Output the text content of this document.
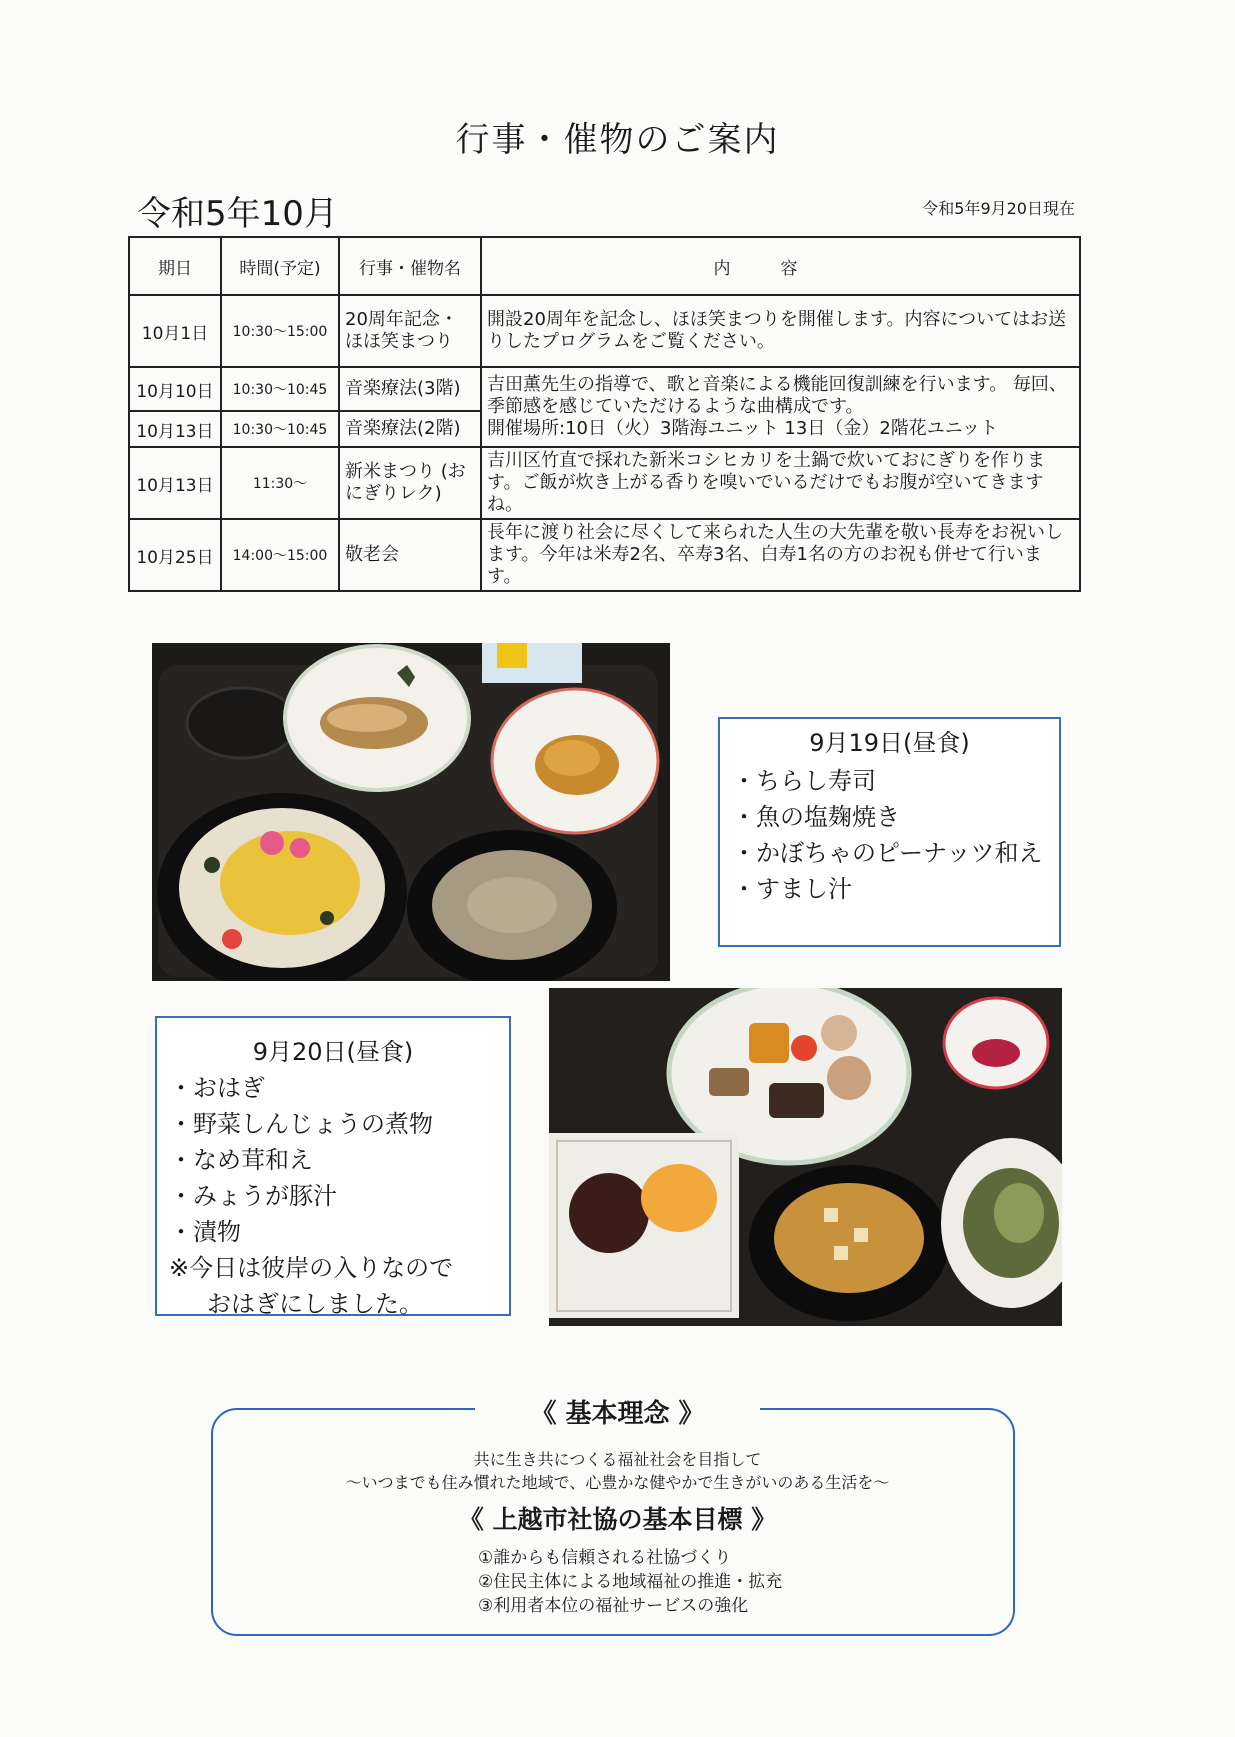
行事・催物のご案内
令和5年10月	令和5年9月20日現在
期日	時間(予定)	行事・催物名	内容
10月1日	10:30～15:00	20周年記念・ほほ笑まつり	開設20周年を記念し、ほほ笑まつりを開催します。内容についてはお送りしたプログラムをご覧ください。
10月10日	10:30～10:45	音楽療法(3階)	吉田薫先生の指導で、歌と音楽による機能回復訓練を行います。 毎回、季節感を感じていただけるような曲構成です。
開催場所:10日（火）3階海ユニット 13日（金）2階花ユニット

10月13日	10:30～10:45	音楽療法(2階)	
10月13日	11:30～	新米まつり (おにぎりレク)	吉川区竹直で採れた新米コシヒカリを土鍋で炊いておにぎりを作ります。ご飯が炊き上がる香りを嗅いでいるだけでもお腹が空いてきますね。
10月25日	14:00～15:00	敬老会	長年に渡り社会に尽くして来られた人生の大先輩を敬い長寿をお祝いします。今年は米寿2名、卒寿3名、白寿1名の方のお祝も併せて行います。
9月19日(昼食)
・ちらし寿司
・魚の塩麹焼き
・かぼちゃのピーナッツ和え
・すまし汁
9月20日(昼食)
・おはぎ
・野菜しんじょうの煮物
・なめ茸和え
・みょうが豚汁
・漬物
※今日は彼岸の入りなので
おはぎにしました。
《 基本理念 》
共に生き共につくる福祉社会を目指して
～いつまでも住み慣れた地域で、心豊かな健やかで生きがいのある生活を～
《 上越市社協の基本目標 》
①誰からも信頼される社協づくり
②住民主体による地域福祉の推進・拡充
③利用者本位の福祉サービスの強化
